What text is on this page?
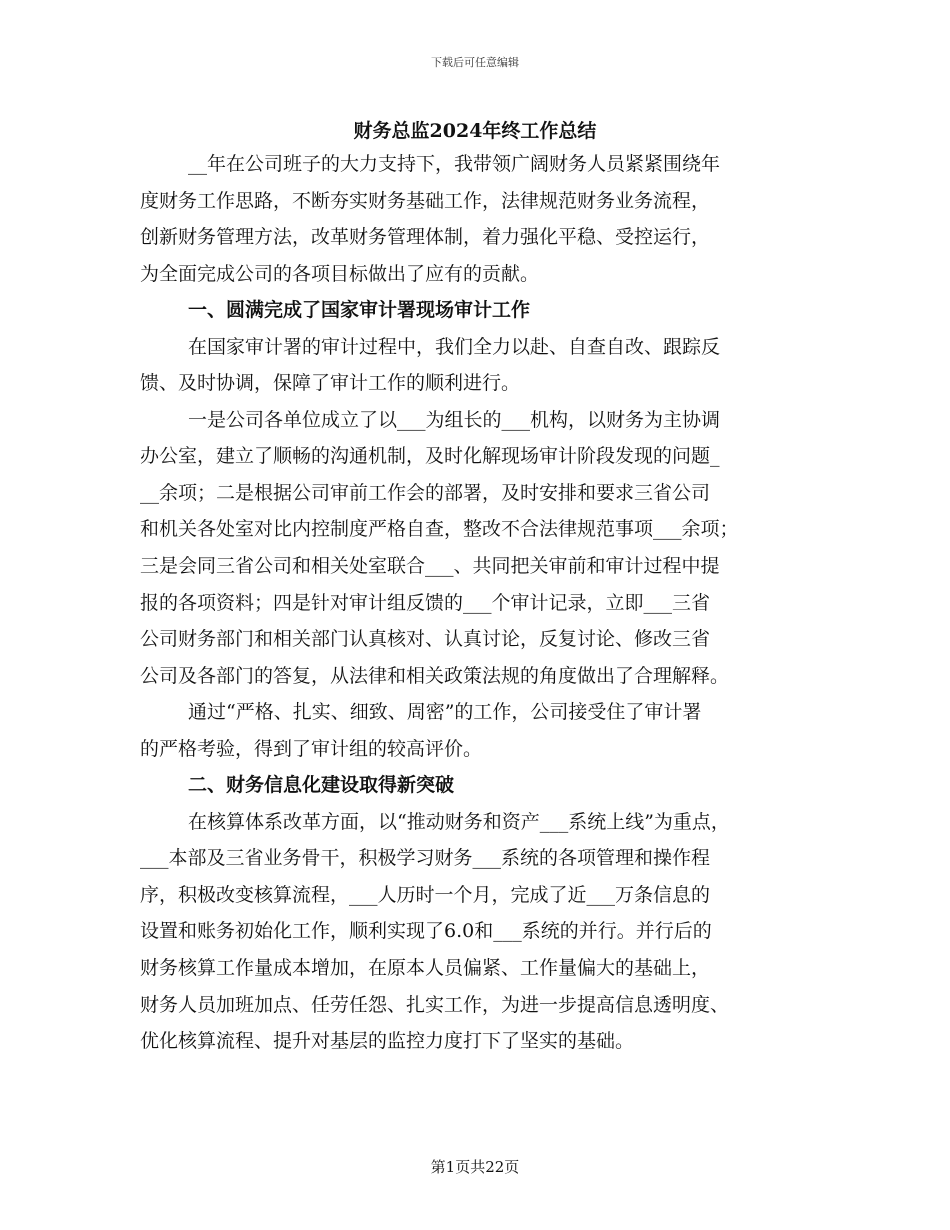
下载后可任意编辑
财务总监2024年终工作总结

__年在公司班子的大力支持下，我带领广阔财务人员紧紧围绕年

度财务工作思路，不断夯实财务基础工作，法律规范财务业务流程，

创新财务管理方法，改革财务管理体制，着力强化平稳、受控运行，

为全面完成公司的各项目标做出了应有的贡献。

一、圆满完成了国家审计署现场审计工作

在国家审计署的审计过程中，我们全力以赴、自查自改、跟踪反

馈、及时协调，保障了审计工作的顺利进行。

一是公司各单位成立了以___为组长的___机构，以财务为主协调

办公室，建立了顺畅的沟通机制，及时化解现场审计阶段发现的问题_

__余项；二是根据公司审前工作会的部署，及时安排和要求三省公司

和机关各处室对比内控制度严格自查，整改不合法律规范事项___余项；

三是会同三省公司和相关处室联合___、共同把关审前和审计过程中提

报的各项资料；四是针对审计组反馈的___个审计记录，立即___三省

公司财务部门和相关部门认真核对、认真讨论，反复讨论、修改三省

公司及各部门的答复，从法律和相关政策法规的角度做出了合理解释。

通过“严格、扎实、细致、周密”的工作，公司接受住了审计署

的严格考验，得到了审计组的较高评价。

二、财务信息化建设取得新突破

在核算体系改革方面，以“推动财务和资产___系统上线”为重点，

___本部及三省业务骨干，积极学习财务___系统的各项管理和操作程

序，积极改变核算流程，___人历时一个月，完成了近___万条信息的

设置和账务初始化工作，顺利实现了6.0和___系统的并行。并行后的

财务核算工作量成本增加，在原本人员偏紧、工作量偏大的基础上，

财务人员加班加点、任劳任怨、扎实工作，为进一步提高信息透明度、

优化核算流程、提升对基层的监控力度打下了坚实的基础。

第1页共22页
